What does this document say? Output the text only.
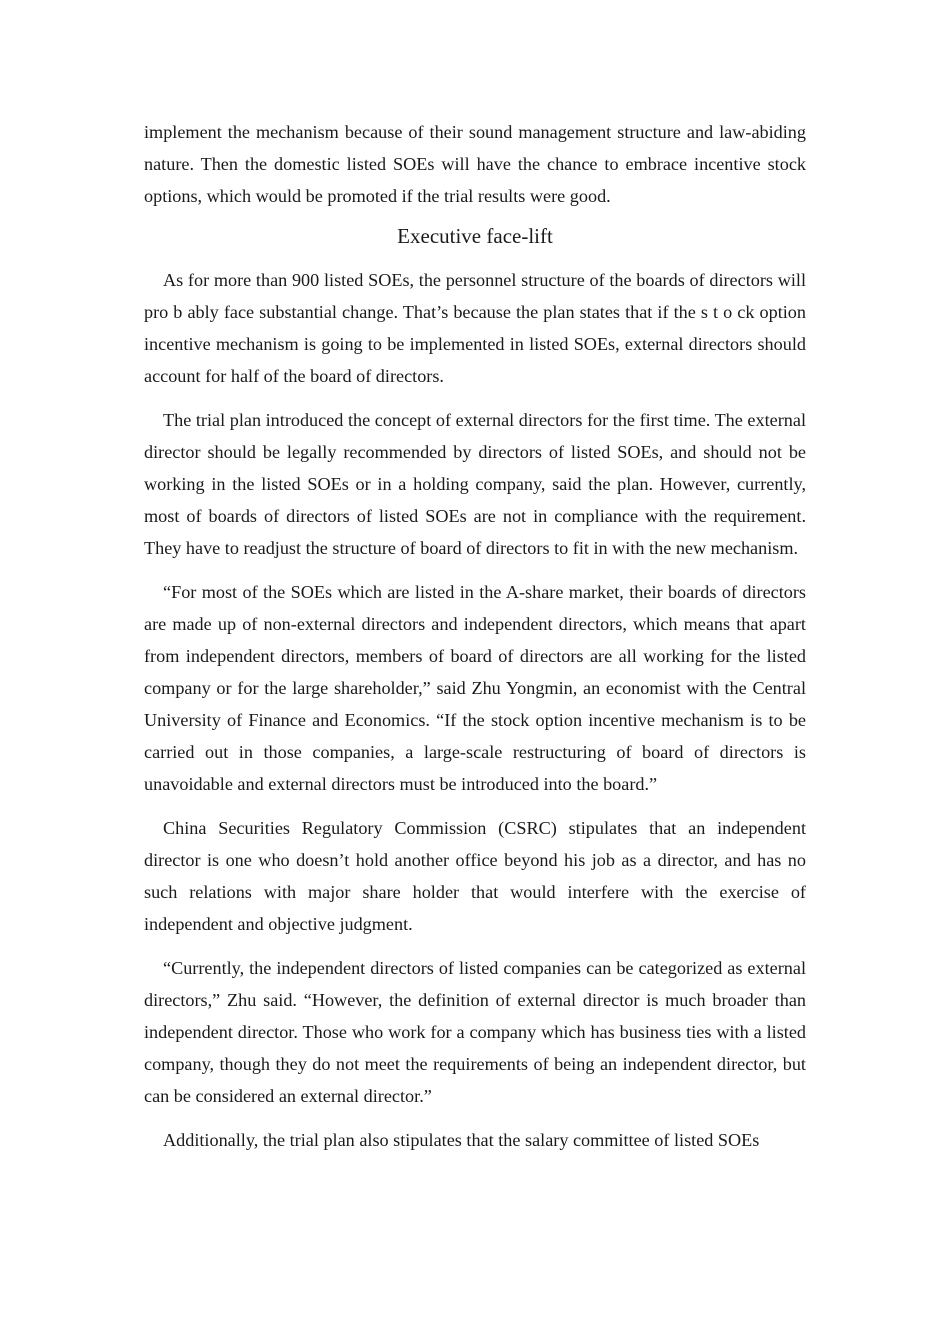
implement the mechanism because of their sound management structure and law-abiding nature. Then the domestic listed SOEs will have the chance to embrace incentive stock options, which would be promoted if the trial results were good.

Executive face-lift

As for more than 900 listed SOEs, the personnel structure of the boards of directors will pro b ably face substantial change. That’s because the plan states that if the s t o ck option incentive mechanism is going to be implemented in listed SOEs, external directors should account for half of the board of directors.

The trial plan introduced the concept of external directors for the first time. The external director should be legally recommended by directors of listed SOEs, and should not be working in the listed SOEs or in a holding company, said the plan. However, currently, most of boards of directors of listed SOEs are not in compliance with the requirement. They have to readjust the structure of board of directors to fit in with the new mechanism.

“For most of the SOEs which are listed in the A-share market, their boards of directors are made up of non-external directors and independent directors, which means that apart from independent directors, members of board of directors are all working for the listed company or for the large shareholder,” said Zhu Yongmin, an economist with the Central University of Finance and Economics. “If the stock option incentive mechanism is to be carried out in those companies, a large-scale restructuring of board of directors is unavoidable and external directors must be introduced into the board.”

China Securities Regulatory Commission (CSRC) stipulates that an independent director is one who doesn’t hold another office beyond his job as a director, and has no such relations with major share holder that would interfere with the exercise of independent and objective judgment.

“Currently, the independent directors of listed companies can be categorized as external directors,” Zhu said. “However, the definition of external director is much broader than independent director. Those who work for a company which has business ties with a listed company, though they do not meet the requirements of being an independent director, but can be considered an external director.”

Additionally, the trial plan also stipulates that the salary committee of listed SOEs
